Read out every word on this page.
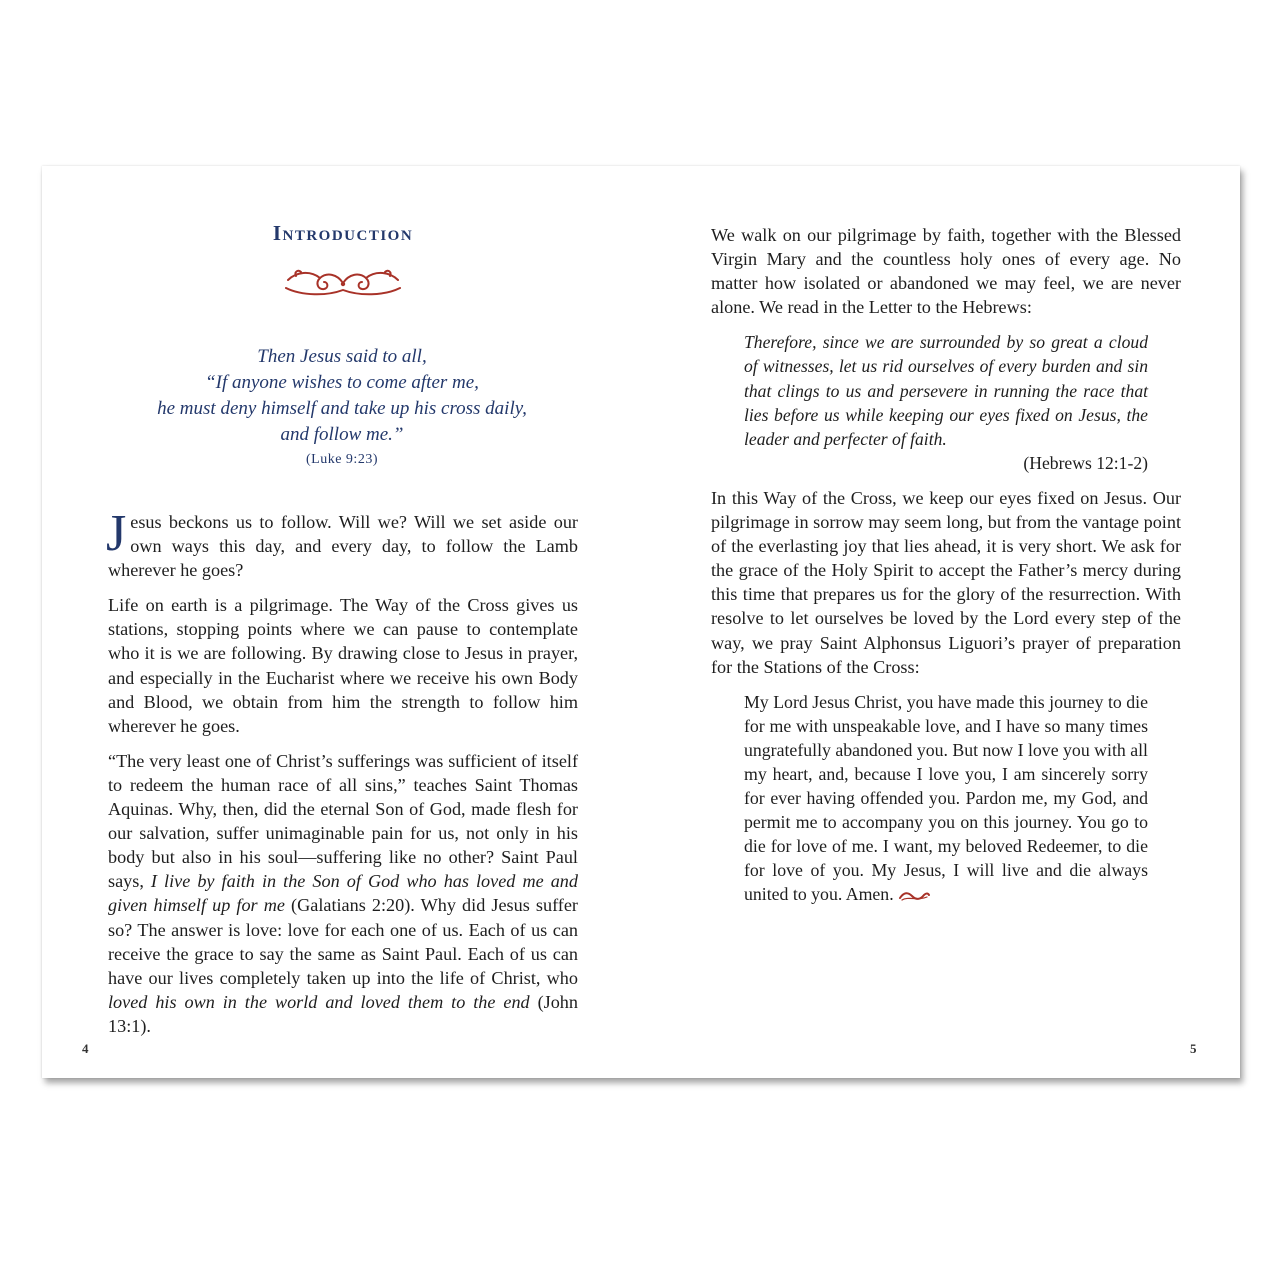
Introduction
Then Jesus said to all,
“If anyone wishes to come after me,
he must deny himself and take up his cross daily,
and follow me.”
(Luke 9:23)

Jesus beckons us to follow. Will we? Will we set aside our own ways this day, and every day, to follow the Lamb wherever he goes?

Life on earth is a pilgrimage. The Way of the Cross gives us stations, stopping points where we can pause to contemplate who it is we are following. By drawing close to Jesus in prayer, and especially in the Eucharist where we receive his own Body and Blood, we obtain from him the strength to follow him wherever he goes.

“The very least one of Christ’s sufferings was sufficient of itself to redeem the human race of all sins,” teaches Saint Thomas Aquinas. Why, then, did the eternal Son of God, made flesh for our salvation, suffer unimaginable pain for us, not only in his body but also in his soul—suffering like no other? Saint Paul says, I live by faith in the Son of God who has loved me and given himself up for me (Galatians 2:20). Why did Jesus suffer so? The answer is love: love for each one of us. Each of us can receive the grace to say the same as Saint Paul. Each of us can have our lives completely taken up into the life of Christ, who loved his own in the world and loved them to the end (John 13:1).

4

We walk on our pilgrimage by faith, together with the Blessed Virgin Mary and the countless holy ones of every age. No matter how isolated or abandoned we may feel, we are never alone. We read in the Letter to the Hebrews:

Therefore, since we are surrounded by so great a cloud of witnesses, let us rid ourselves of every burden and sin that clings to us and persevere in running the race that lies before us while keeping our eyes fixed on Jesus, the leader and perfecter of faith.
(Hebrews 12:1-2)

In this Way of the Cross, we keep our eyes fixed on Jesus. Our pilgrimage in sorrow may seem long, but from the vantage point of the everlasting joy that lies ahead, it is very short. We ask for the grace of the Holy Spirit to accept the Father’s mercy during this time that prepares us for the glory of the resurrection. With resolve to let ourselves be loved by the Lord every step of the way, we pray Saint Alphonsus Liguori’s prayer of preparation for the Stations of the Cross:

My Lord Jesus Christ, you have made this journey to die for me with unspeakable love, and I have so many times ungratefully abandoned you. But now I love you with all my heart, and, because I love you, I am sincerely sorry for ever having offended you. Pardon me, my God, and permit me to accompany you on this journey. You go to die for love of me. I want, my beloved Redeemer, to die for love of you. My Jesus, I will live and die always united to you. Amen.
5
